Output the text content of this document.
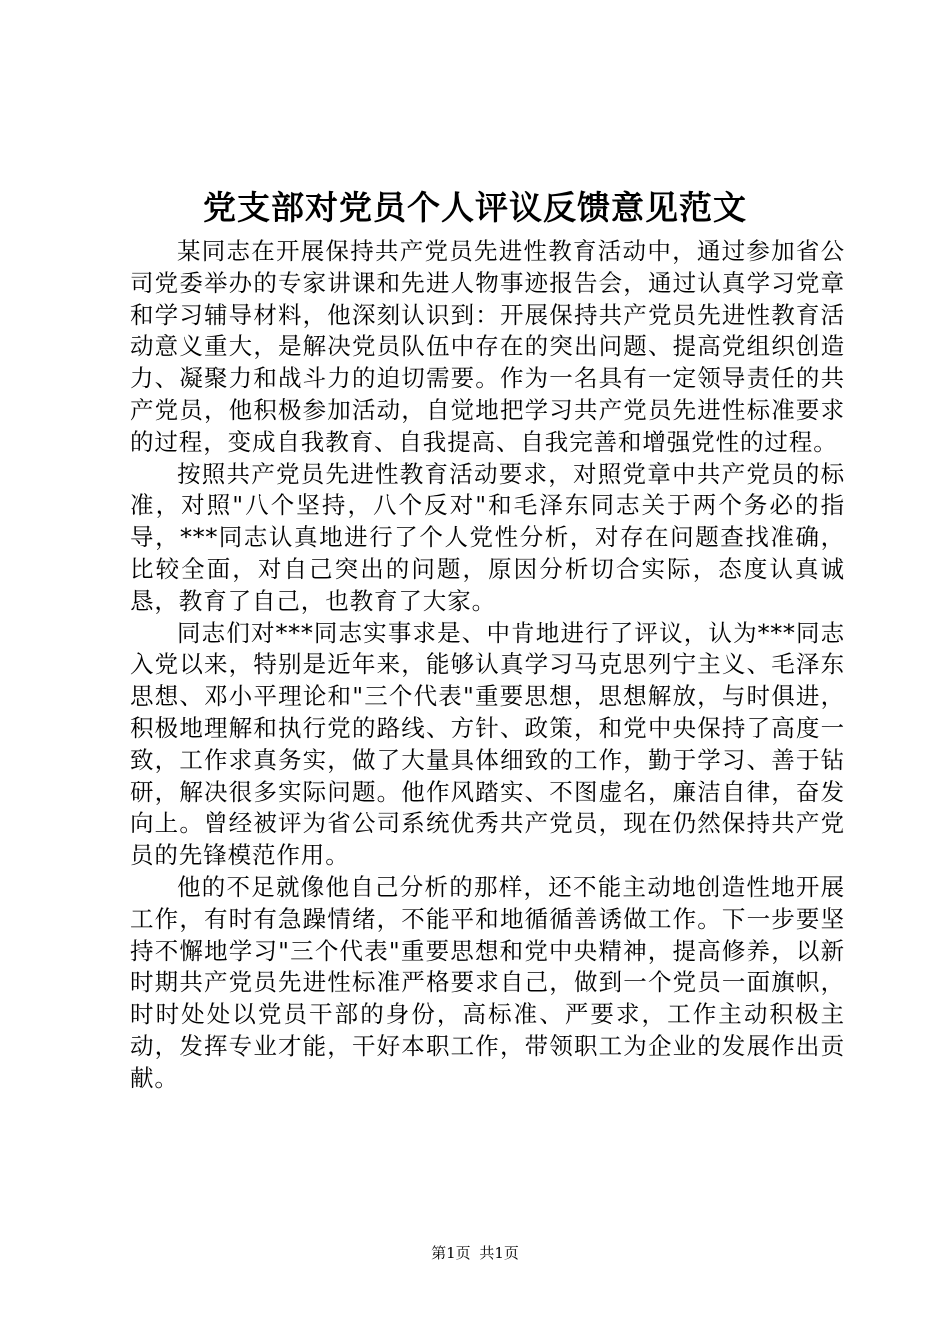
党支部对党员个人评议反馈意见范文

某同志在开展保持共产党员先进性教育活动中，通过参加省公司党委举办的专家讲课和先进人物事迹报告会，通过认真学习党章和学习辅导材料，他深刻认识到：开展保持共产党员先进性教育活动意义重大，是解决党员队伍中存在的突出问题、提高党组织创造力、凝聚力和战斗力的迫切需要。作为一名具有一定领导责任的共产党员，他积极参加活动，自觉地把学习共产党员先进性标准要求的过程，变成自我教育、自我提高、自我完善和增强党性的过程。

按照共产党员先进性教育活动要求，对照党章中共产党员的标准，对照"八个坚持，八个反对"和毛泽东同志关于两个务必的指导，***同志认真地进行了个人党性分析，对存在问题查找准确，比较全面，对自己突出的问题，原因分析切合实际，态度认真诚恳，教育了自己，也教育了大家。

同志们对***同志实事求是、中肯地进行了评议，认为***同志入党以来，特别是近年来，能够认真学习马克思列宁主义、毛泽东思想、邓小平理论和"三个代表"重要思想，思想解放，与时俱进，积极地理解和执行党的路线、方针、政策，和党中央保持了高度一致，工作求真务实，做了大量具体细致的工作，勤于学习、善于钻研，解决很多实际问题。他作风踏实、不图虚名，廉洁自律，奋发向上。曾经被评为省公司系统优秀共产党员，现在仍然保持共产党员的先锋模范作用。

他的不足就像他自己分析的那样，还不能主动地创造性地开展工作，有时有急躁情绪，不能平和地循循善诱做工作。下一步要坚持不懈地学习"三个代表"重要思想和党中央精神，提高修养，以新时期共产党员先进性标准严格要求自己，做到一个党员一面旗帜，时时处处以党员干部的身份，高标准、严要求，工作主动积极主动，发挥专业才能，干好本职工作，带领职工为企业的发展作出贡献。

第1页 共1页
